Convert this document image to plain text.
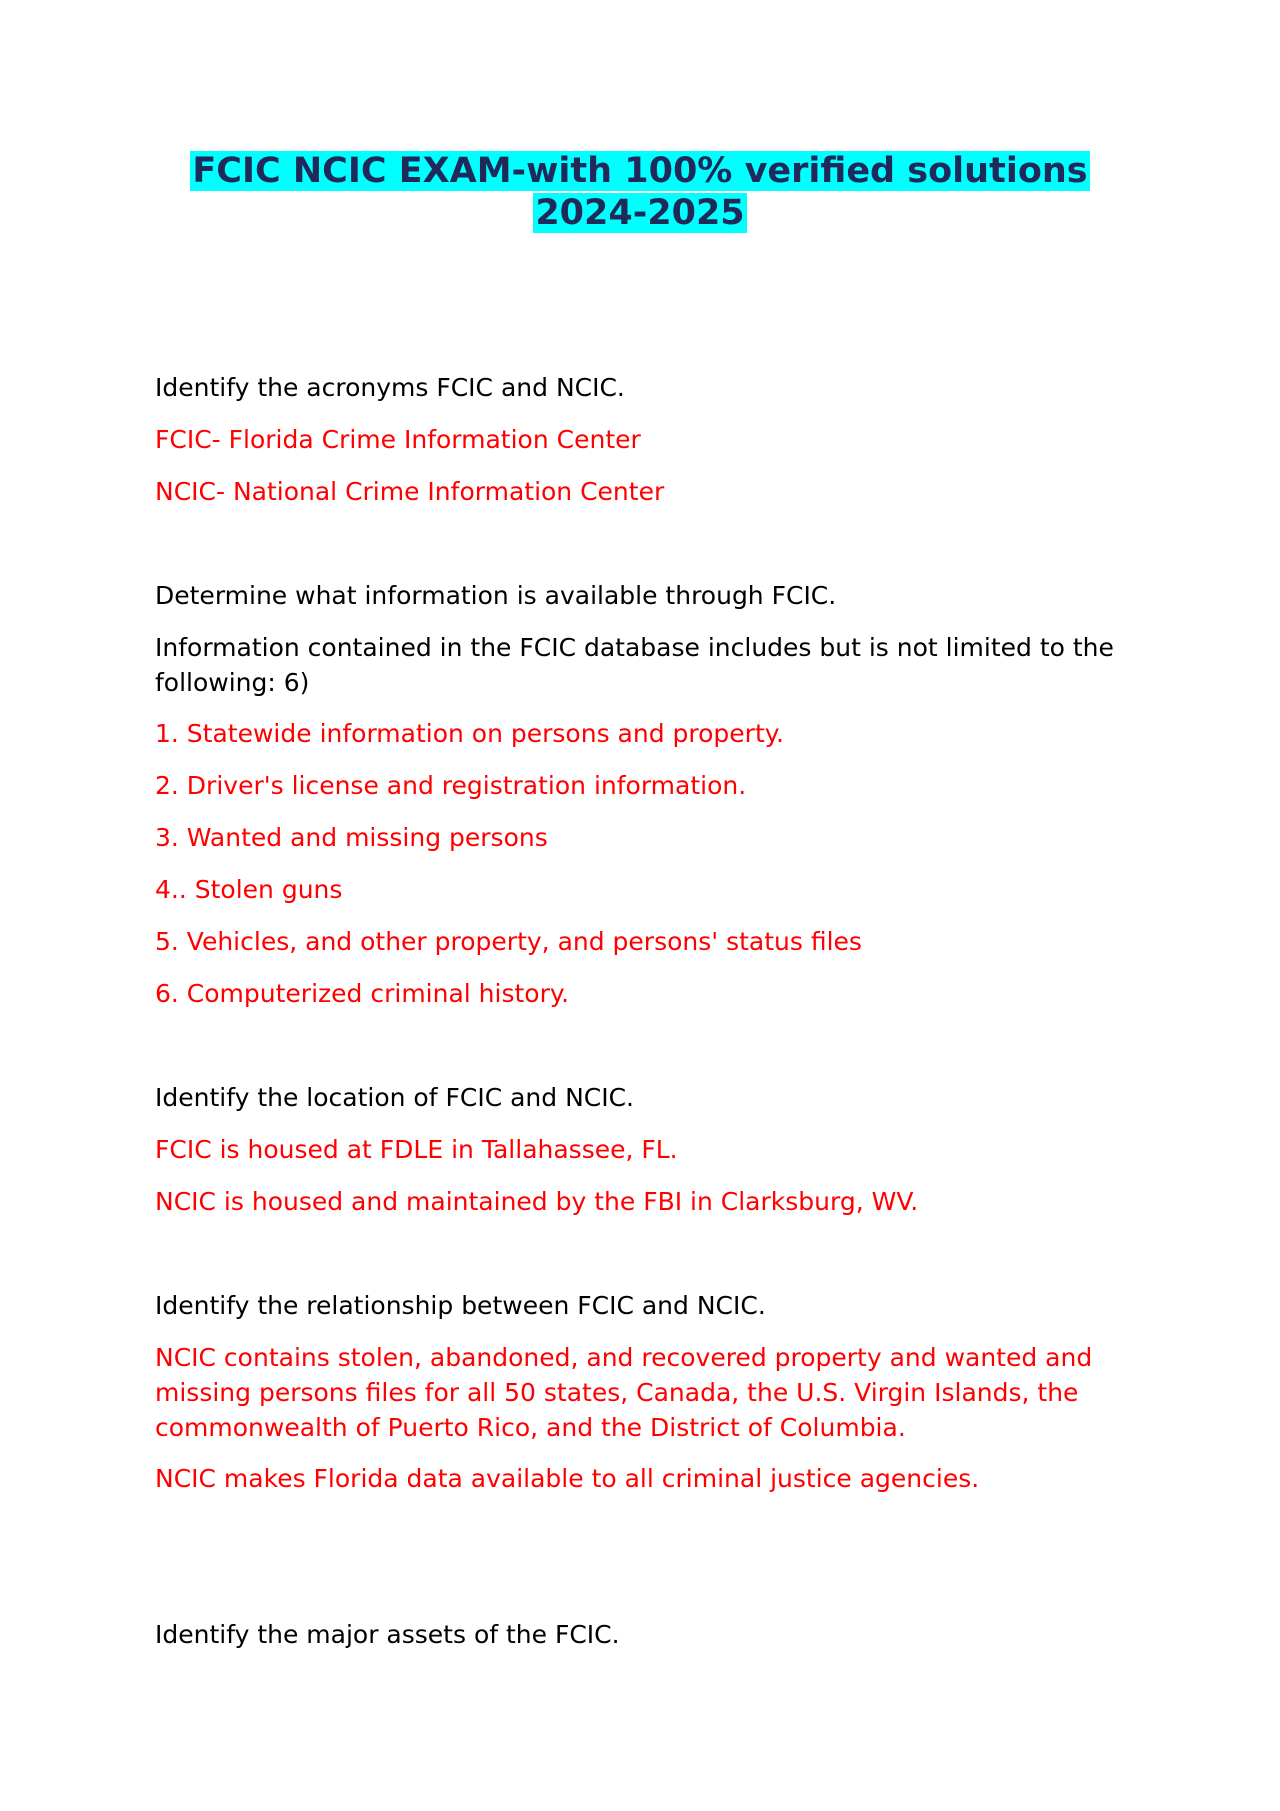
FCIC NCIC EXAM-with 100% verified solutions 2024-2025

Identify the acronyms FCIC and NCIC.

FCIC- Florida Crime Information Center

NCIC- National Crime Information Center

Determine what information is available through FCIC.

Information contained in the FCIC database includes but is not limited to the following: 6)

1. Statewide information on persons and property.

2. Driver's license and registration information.

3. Wanted and missing persons

4.. Stolen guns

5. Vehicles, and other property, and persons' status files

6. Computerized criminal history.

Identify the location of FCIC and NCIC.

FCIC is housed at FDLE in Tallahassee, FL.

NCIC is housed and maintained by the FBI in Clarksburg, WV.

Identify the relationship between FCIC and NCIC.

NCIC contains stolen, abandoned, and recovered property and wanted and missing persons files for all 50 states, Canada, the U.S. Virgin Islands, the commonwealth of Puerto Rico, and the District of Columbia.

NCIC makes Florida data available to all criminal justice agencies.

Identify the major assets of the FCIC.
